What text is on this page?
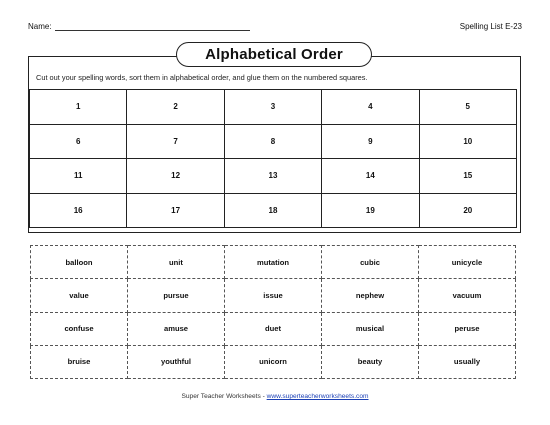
Name:	Spelling List E-23
Alphabetical Order
Cut out your spelling words, sort them in alphabetical order, and glue them on the numbered squares.
1	2	3	4	5
6	7	8	9	10
11	12	13	14	15
16	17	18	19	20
balloon	unit	mutation	cubic	unicycle
value	pursue	issue	nephew	vacuum
confuse	amuse	duet	musical	peruse
bruise	youthful	unicorn	beauty	usually
Super Teacher Worksheets - www.superteacherworksheets.com
